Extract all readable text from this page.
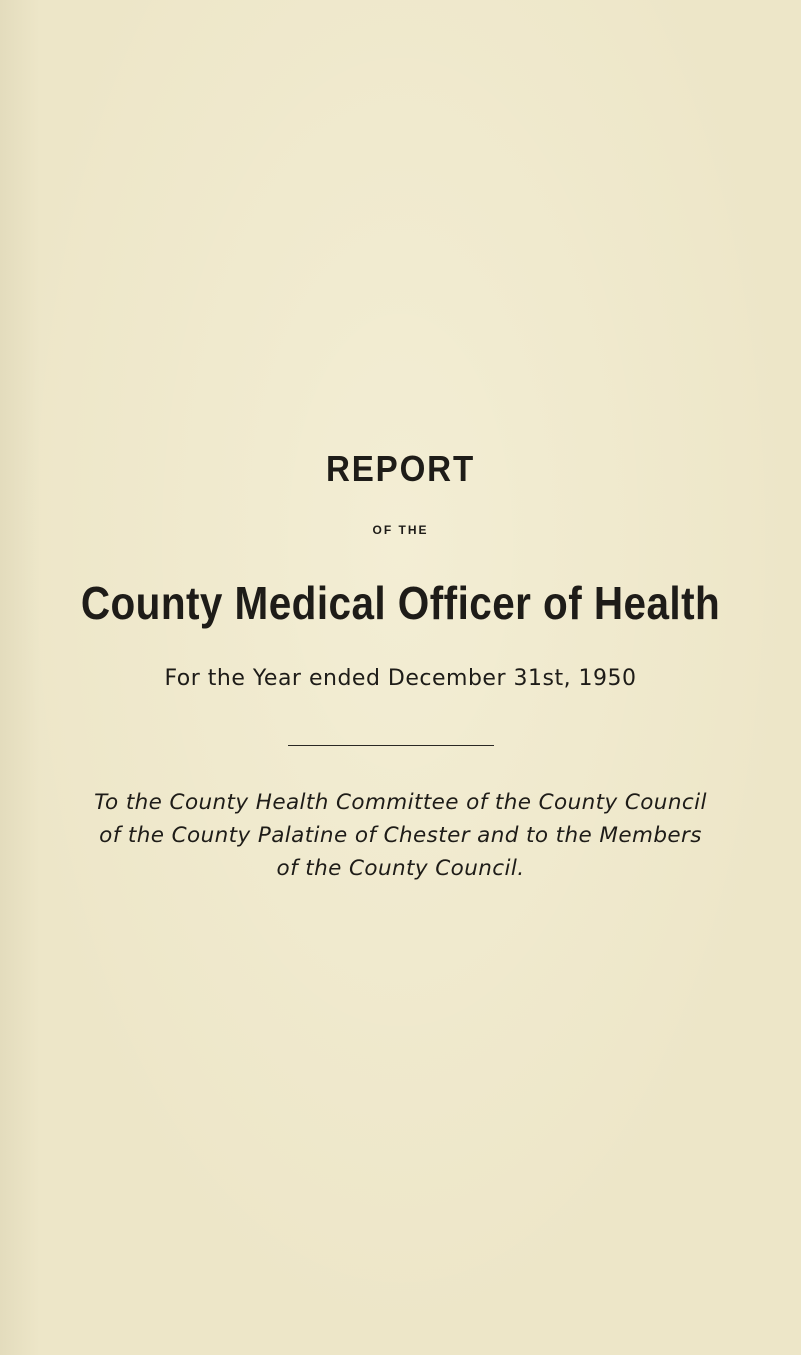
REPORT
OF THE
County Medical Officer of Health
For the Year ended December 31st, 1950
To the County Health Committee of the County Council
of the County Palatine of Chester and to the Members
of the County Council.
